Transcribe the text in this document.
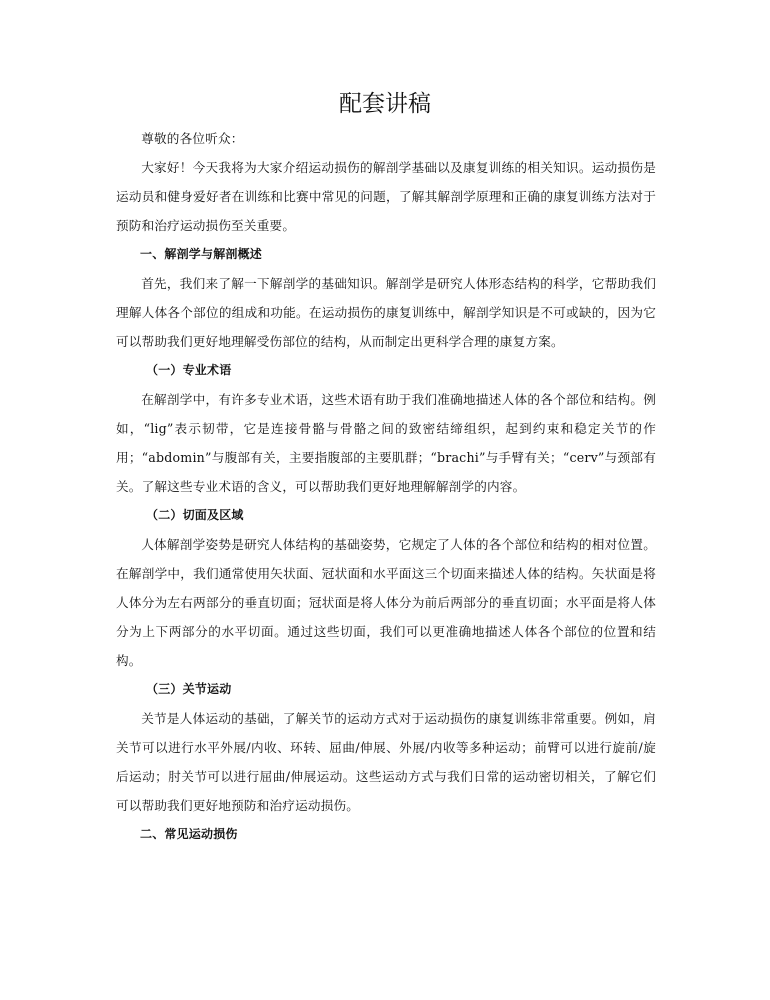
配套讲稿

尊敬的各位听众：

大家好！今天我将为大家介绍运动损伤的解剖学基础以及康复训练的相关知识。运动损伤是运动员和健身爱好者在训练和比赛中常见的问题，了解其解剖学原理和正确的康复训练方法对于预防和治疗运动损伤至关重要。

一、解剖学与解剖概述

首先，我们来了解一下解剖学的基础知识。解剖学是研究人体形态结构的科学，它帮助我们理解人体各个部位的组成和功能。在运动损伤的康复训练中，解剖学知识是不可或缺的，因为它可以帮助我们更好地理解受伤部位的结构，从而制定出更科学合理的康复方案。

（一）专业术语

在解剖学中，有许多专业术语，这些术语有助于我们准确地描述人体的各个部位和结构。例如，“lig”表示韧带，它是连接骨骼与骨骼之间的致密结缔组织，起到约束和稳定关节的作用；“abdomin”与腹部有关，主要指腹部的主要肌群；“brachi”与手臂有关；“cerv”与颈部有关。了解这些专业术语的含义，可以帮助我们更好地理解解剖学的内容。

（二）切面及区域

人体解剖学姿势是研究人体结构的基础姿势，它规定了人体的各个部位和结构的相对位置。在解剖学中，我们通常使用矢状面、冠状面和水平面这三个切面来描述人体的结构。矢状面是将人体分为左右两部分的垂直切面；冠状面是将人体分为前后两部分的垂直切面；水平面是将人体分为上下两部分的水平切面。通过这些切面，我们可以更准确地描述人体各个部位的位置和结构。

（三）关节运动

关节是人体运动的基础，了解关节的运动方式对于运动损伤的康复训练非常重要。例如，肩关节可以进行水平外展/内收、环转、屈曲/伸展、外展/内收等多种运动；前臂可以进行旋前/旋后运动；肘关节可以进行屈曲/伸展运动。这些运动方式与我们日常的运动密切相关，了解它们可以帮助我们更好地预防和治疗运动损伤。

二、常见运动损伤
